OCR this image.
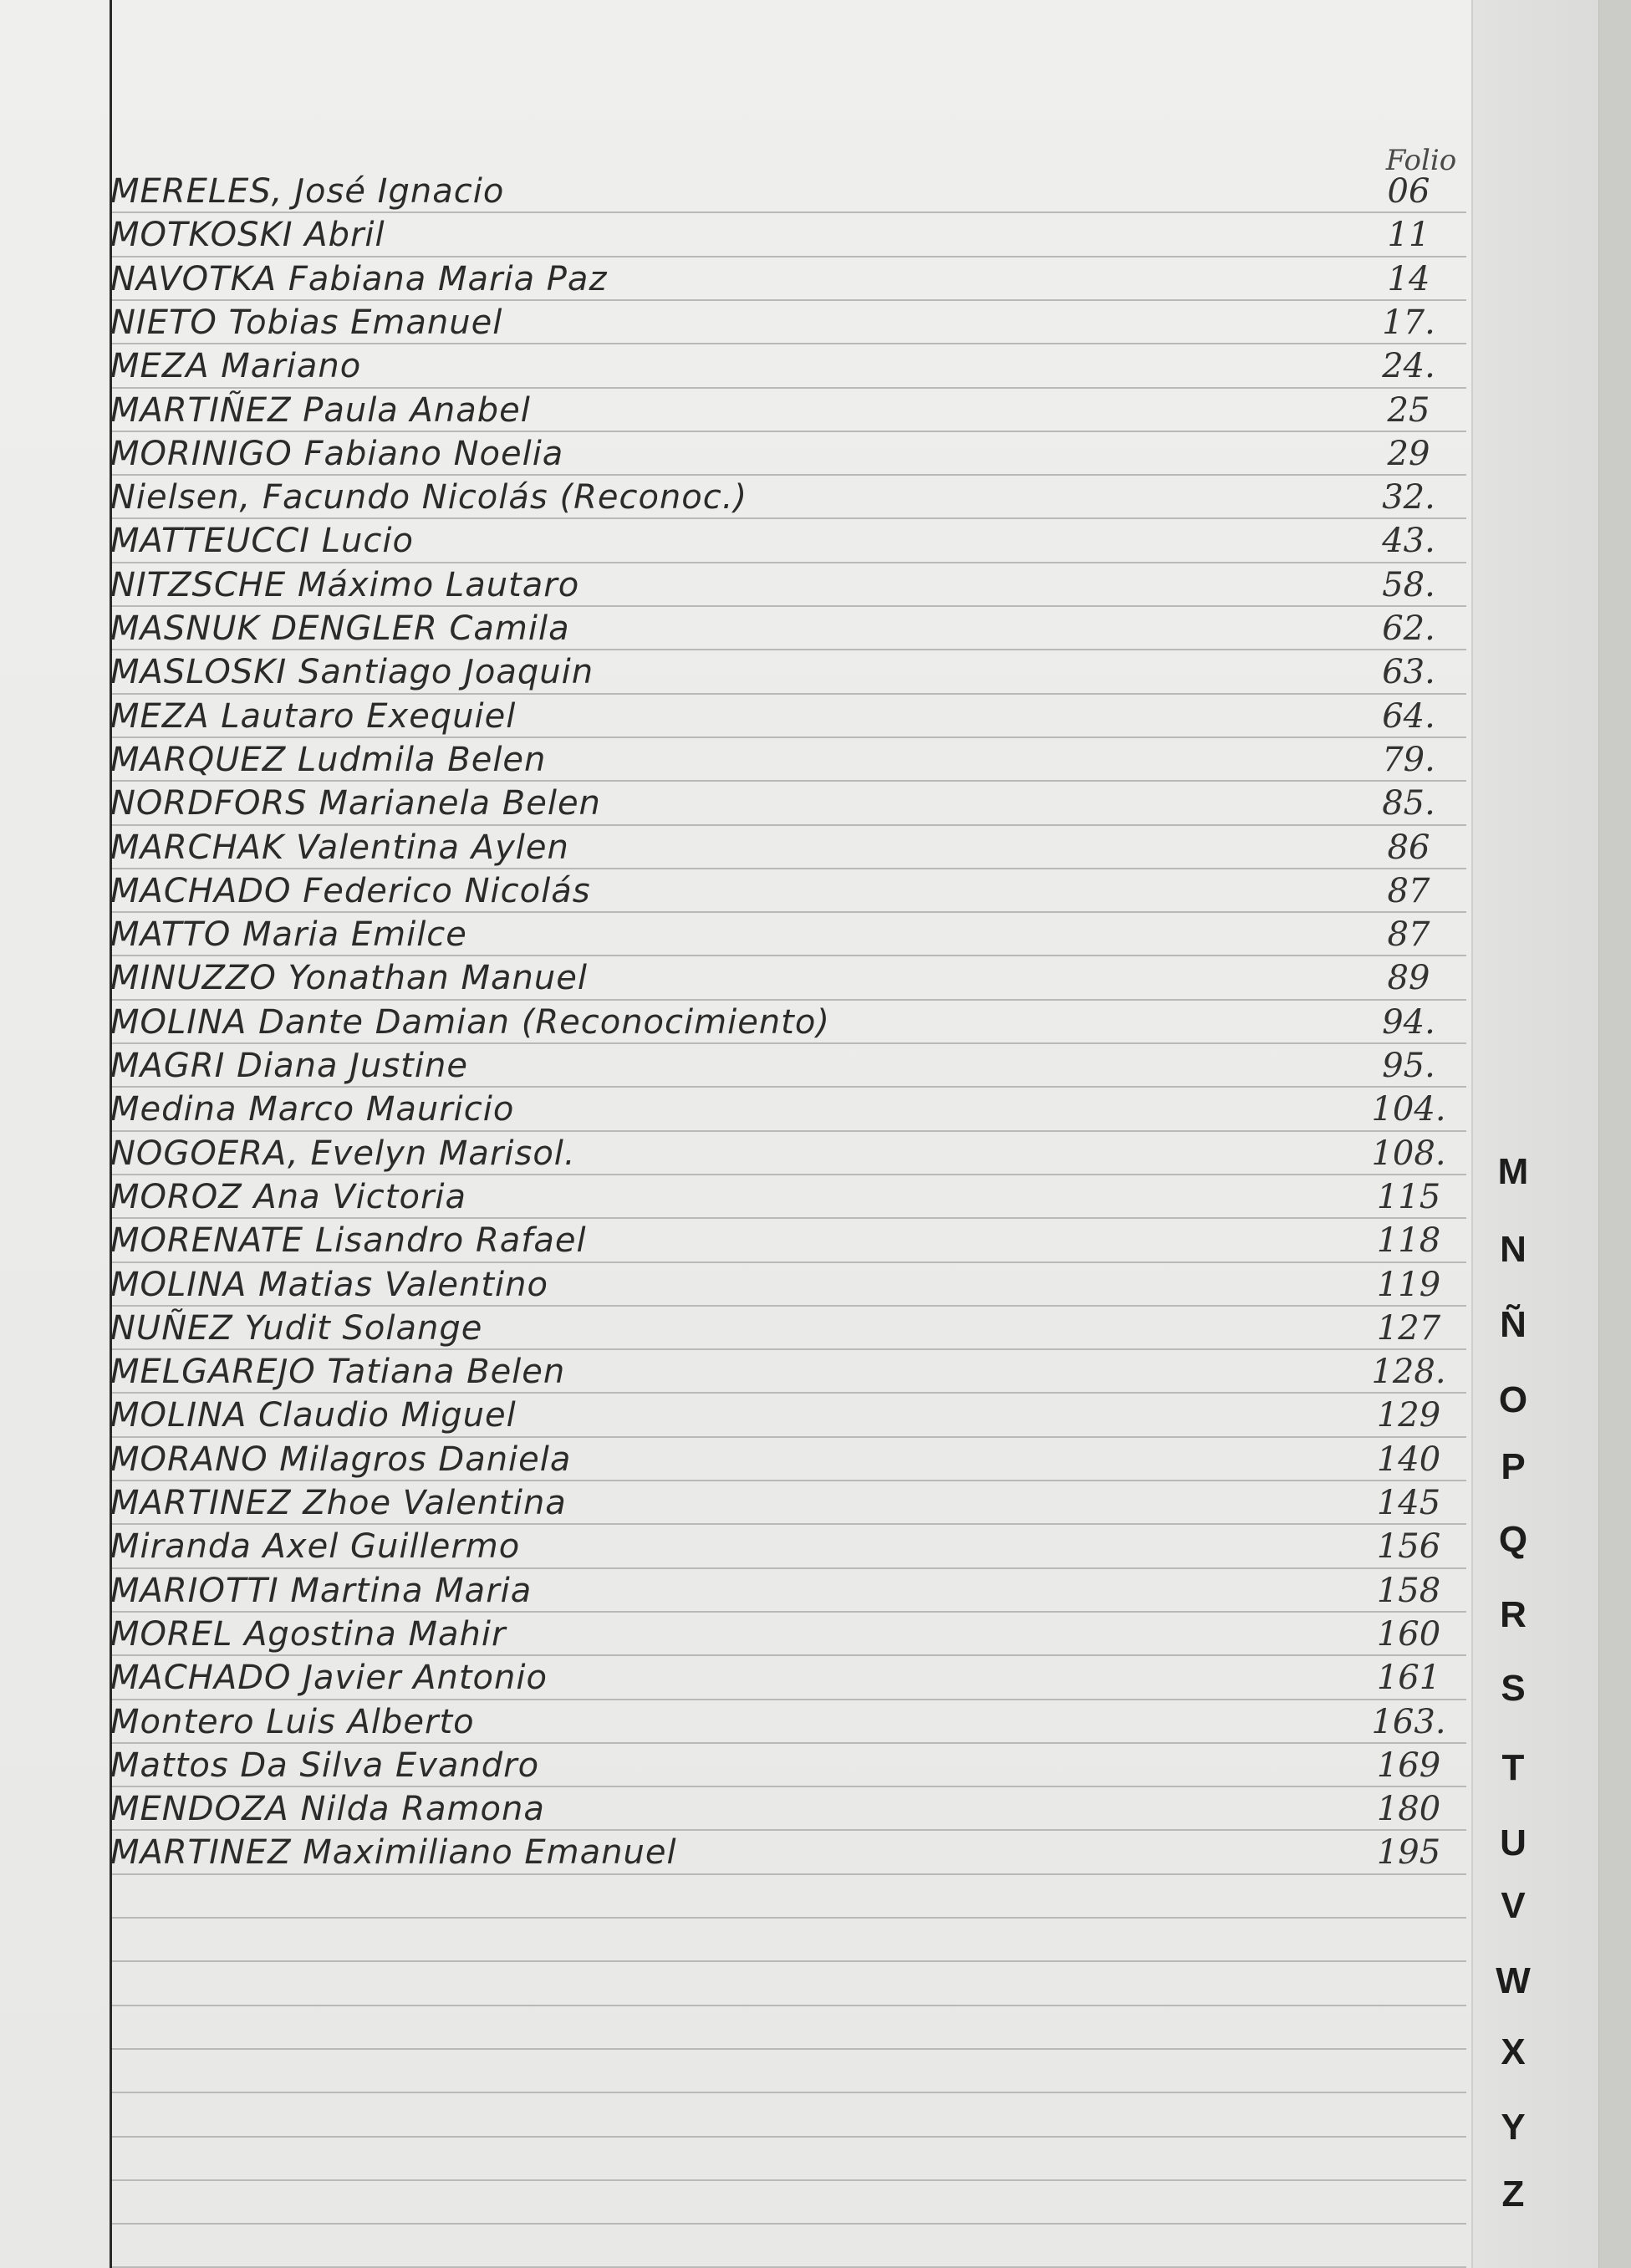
Folio
MERELES, José Ignacio	06
MOTKOSKI Abril	11
NAVOTKA Fabiana Maria Paz	14
NIETO Tobias Emanuel	17.
MEZA Mariano	24.
MARTIÑEZ Paula Anabel	25
MORINIGO Fabiano Noelia	29
Nielsen, Facundo Nicolás (Reconoc.)	32.
MATTEUCCI Lucio	43.
NITZSCHE Máximo Lautaro	58.
MASNUK DENGLER Camila	62.
MASLOSKI Santiago Joaquin	63.
MEZA Lautaro Exequiel	64.
MARQUEZ Ludmila Belen	79.
NORDFORS Marianela Belen	85.
MARCHAK Valentina Aylen	86
MACHADO Federico Nicolás	87
MATTO Maria Emilce	87
MINUZZO Yonathan Manuel	89
MOLINA Dante Damian (Reconocimiento)	94.
MAGRI Diana Justine	95.
Medina Marco Mauricio	104.
NOGOERA, Evelyn Marisol.	108.
MOROZ Ana Victoria	115
MORENATE Lisandro Rafael	118
MOLINA Matias Valentino	119
NUÑEZ Yudit Solange	127
MELGAREJO Tatiana Belen	128.
MOLINA Claudio Miguel	129
MORANO Milagros Daniela	140
MARTINEZ Zhoe Valentina	145
Miranda Axel Guillermo	156
MARIOTTI Martina Maria	158
MOREL Agostina Mahir	160
MACHADO Javier Antonio	161
Montero Luis Alberto	163.
Mattos Da Silva Evandro	169
MENDOZA Nilda Ramona	180
MARTINEZ Maximiliano Emanuel	195
M
N
Ñ
O
P
Q
R
S
T
U
V
W
X
Y
Z
